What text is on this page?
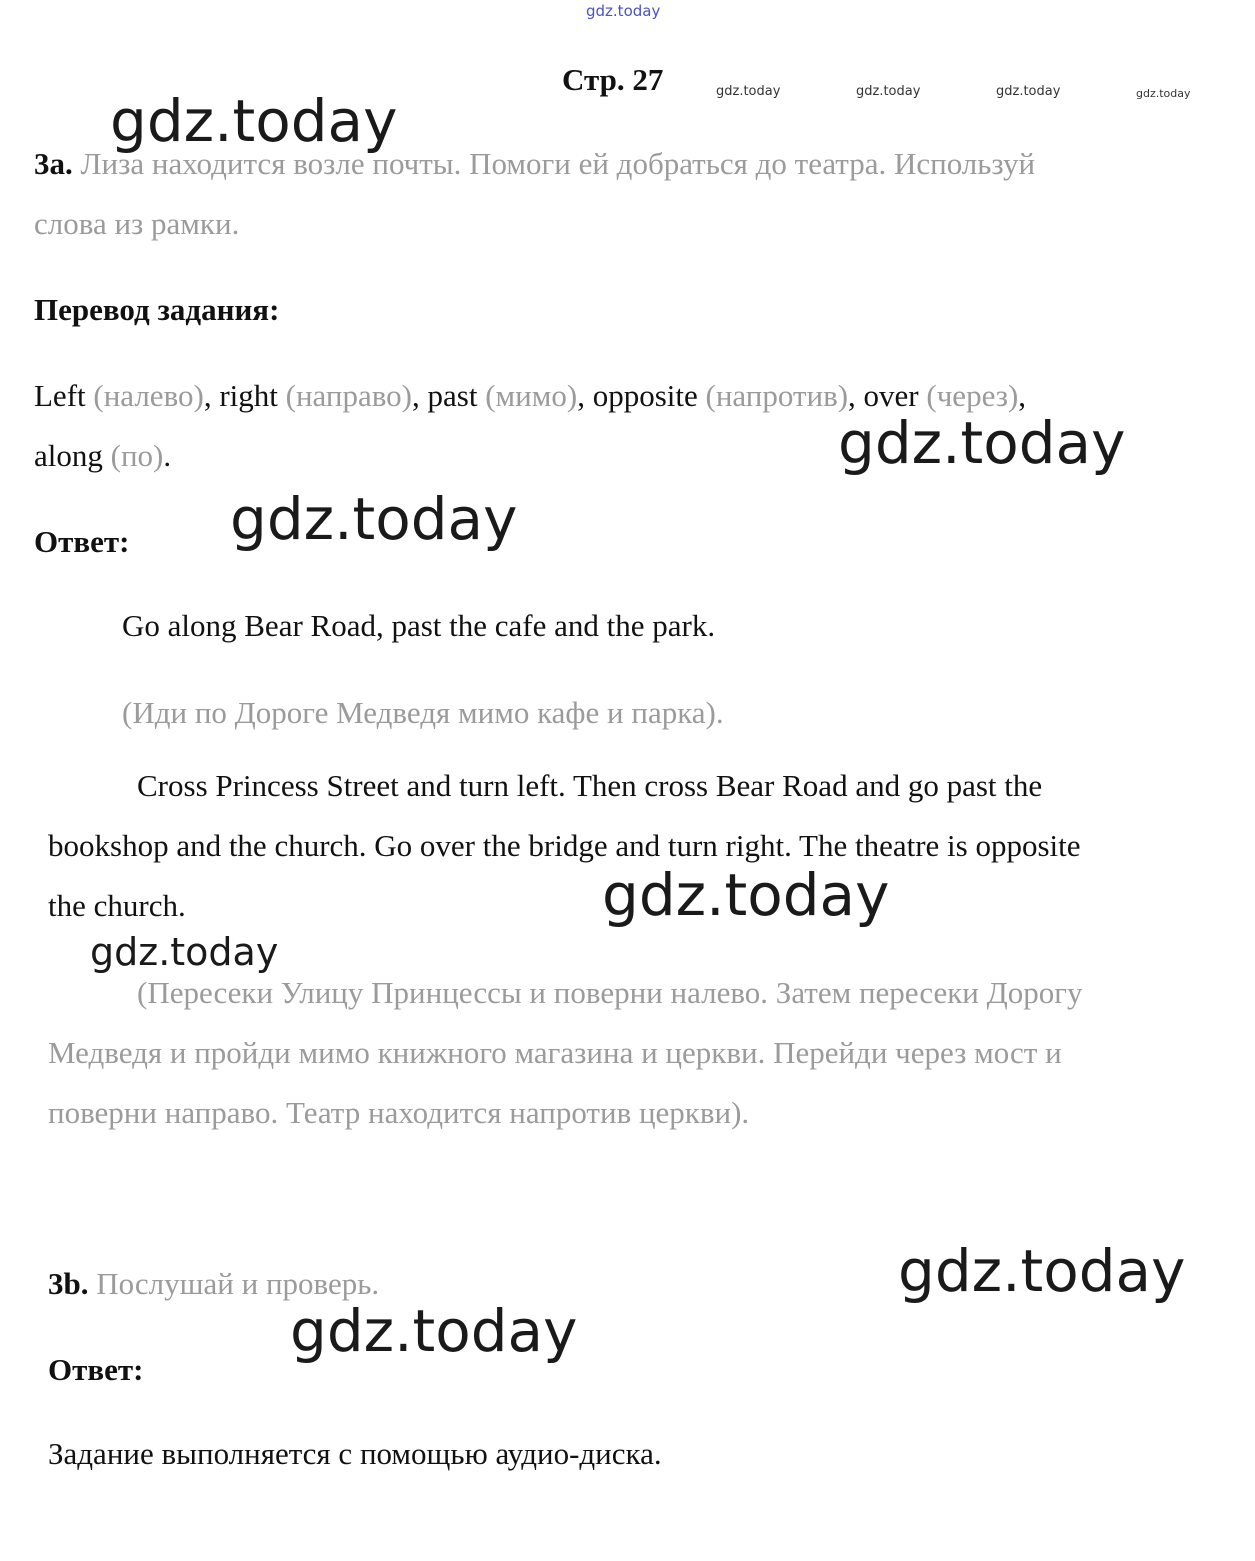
gdz.today
Стр. 27	gdz.today	gdz.today	gdz.today	gdz.today
gdz.today
3a. Лиза находится возле почты. Помоги ей добраться до театра. Используй
слова из рамки.
Перевод задания:
Left (налево), right (направо), past (мимо), opposite (напротив), over (через),
along (по).	gdz.today
Ответ: gdz.today
Go along Bear Road, past the cafe and the park.
(Иди по Дороге Медведя мимо кафе и парка).
Cross Princess Street and turn left. Then cross Bear Road and go past the
bookshop and the church. Go over the bridge and turn right. The theatre is opposite
the church.	gdz.today
gdz.today
(Пересеки Улицу Принцессы и поверни налево. Затем пересеки Дорогу
Медведя и пройди мимо книжного магазина и церкви. Перейди через мост и
поверни направо. Театр находится напротив церкви).
gdz.today
3b. Послушай и проверь.
gdz.today
Ответ:
Задание выполняется с помощью аудио-диска.
